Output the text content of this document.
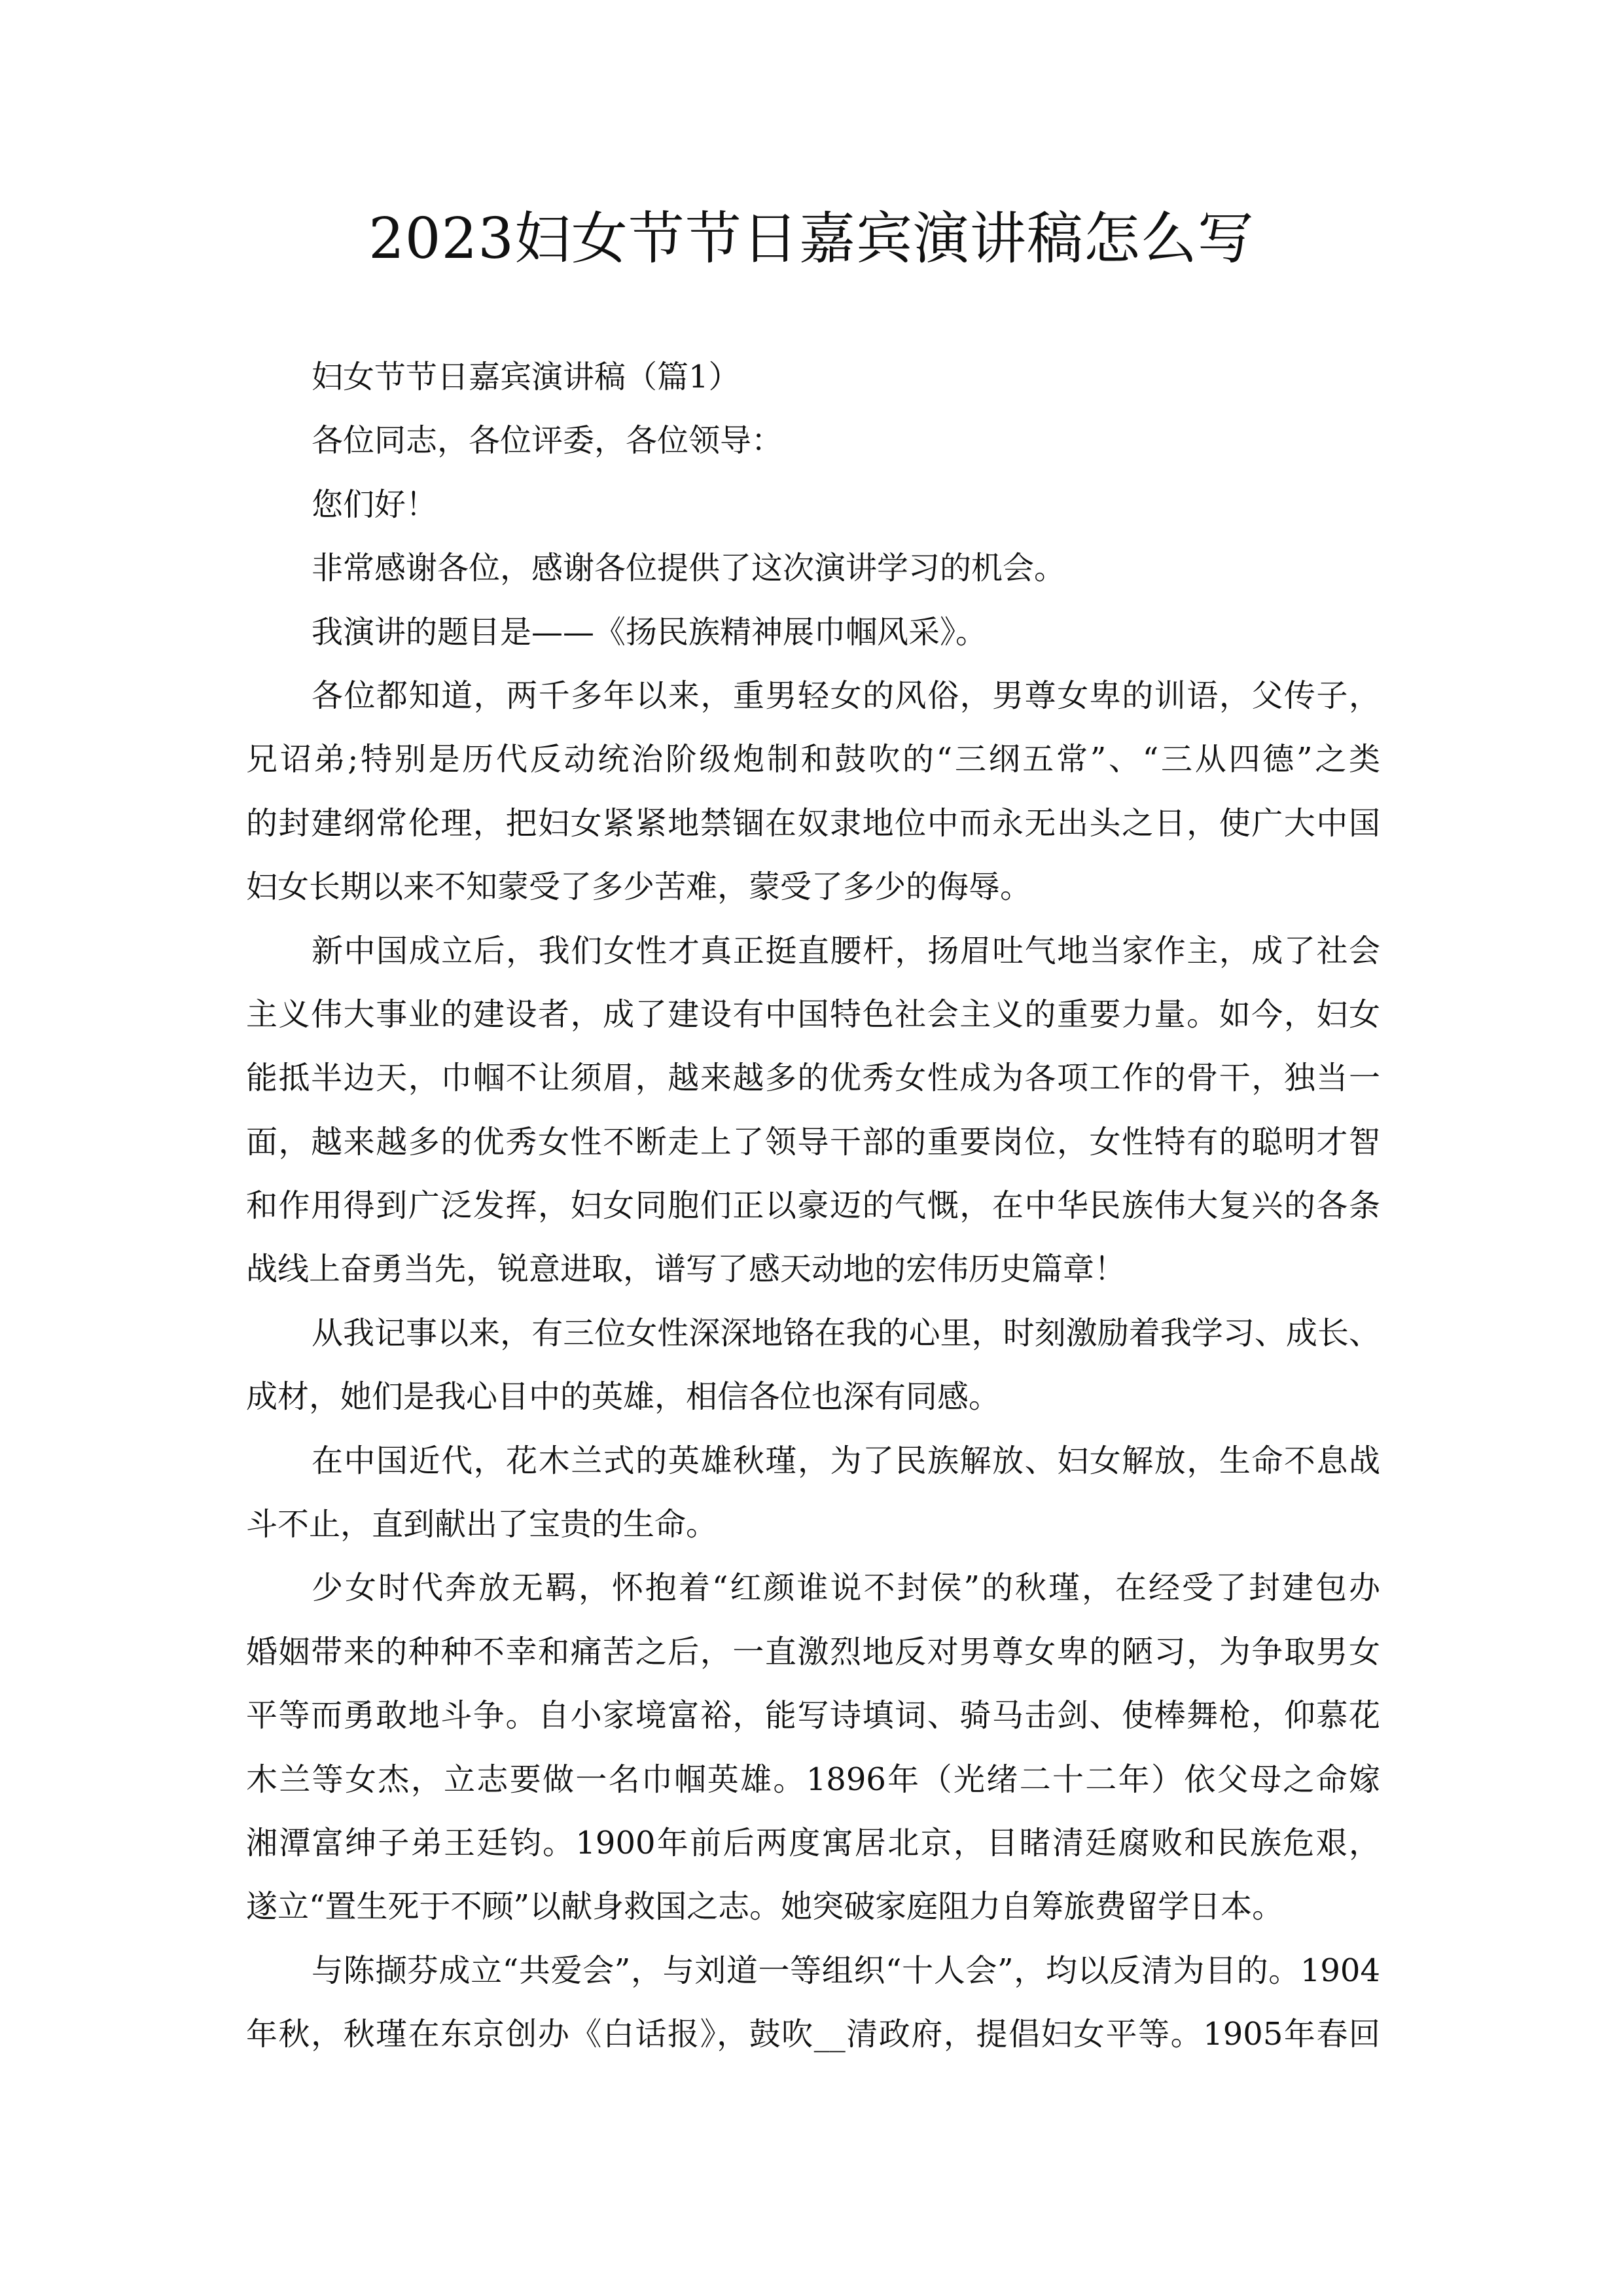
2023妇女节节日嘉宾演讲稿怎么写
妇女节节日嘉宾演讲稿（篇1）
各位同志，各位评委，各位领导：
您们好！
非常感谢各位，感谢各位提供了这次演讲学习的机会。
我演讲的题目是——《扬民族精神展巾帼风采》。
各位都知道，两千多年以来，重男轻女的风俗，男尊女卑的训语，父传子，
兄诏弟;特别是历代反动统治阶级炮制和鼓吹的“三纲五常”、“三从四德”之类
的封建纲常伦理，把妇女紧紧地禁锢在奴隶地位中而永无出头之日，使广大中国
妇女长期以来不知蒙受了多少苦难，蒙受了多少的侮辱。
新中国成立后，我们女性才真正挺直腰杆，扬眉吐气地当家作主，成了社会
主义伟大事业的建设者，成了建设有中国特色社会主义的重要力量。如今，妇女
能抵半边天，巾帼不让须眉，越来越多的优秀女性成为各项工作的骨干，独当一
面，越来越多的优秀女性不断走上了领导干部的重要岗位，女性特有的聪明才智
和作用得到广泛发挥，妇女同胞们正以豪迈的气慨，在中华民族伟大复兴的各条
战线上奋勇当先，锐意进取，谱写了感天动地的宏伟历史篇章！
从我记事以来，有三位女性深深地铬在我的心里，时刻激励着我学习、成长、
成材，她们是我心目中的英雄，相信各位也深有同感。
在中国近代，花木兰式的英雄秋瑾，为了民族解放、妇女解放，生命不息战
斗不止，直到献出了宝贵的生命。
少女时代奔放无羁，怀抱着“红颜谁说不封侯”的秋瑾，在经受了封建包办
婚姻带来的种种不幸和痛苦之后，一直激烈地反对男尊女卑的陋习，为争取男女
平等而勇敢地斗争。自小家境富裕，能写诗填词、骑马击剑、使棒舞枪，仰慕花
木兰等女杰，立志要做一名巾帼英雄。1896年（光绪二十二年）依父母之命嫁
湘潭富绅子弟王廷钧。1900年前后两度寓居北京，目睹清廷腐败和民族危艰，
遂立“置生死于不顾”以献身救国之志。她突破家庭阻力自筹旅费留学日本。
与陈撷芬成立“共爱会”，与刘道一等组织“十人会”，均以反清为目的。1904
年秋，秋瑾在东京创办《白话报》，鼓吹__清政府，提倡妇女平等。1905年春回
